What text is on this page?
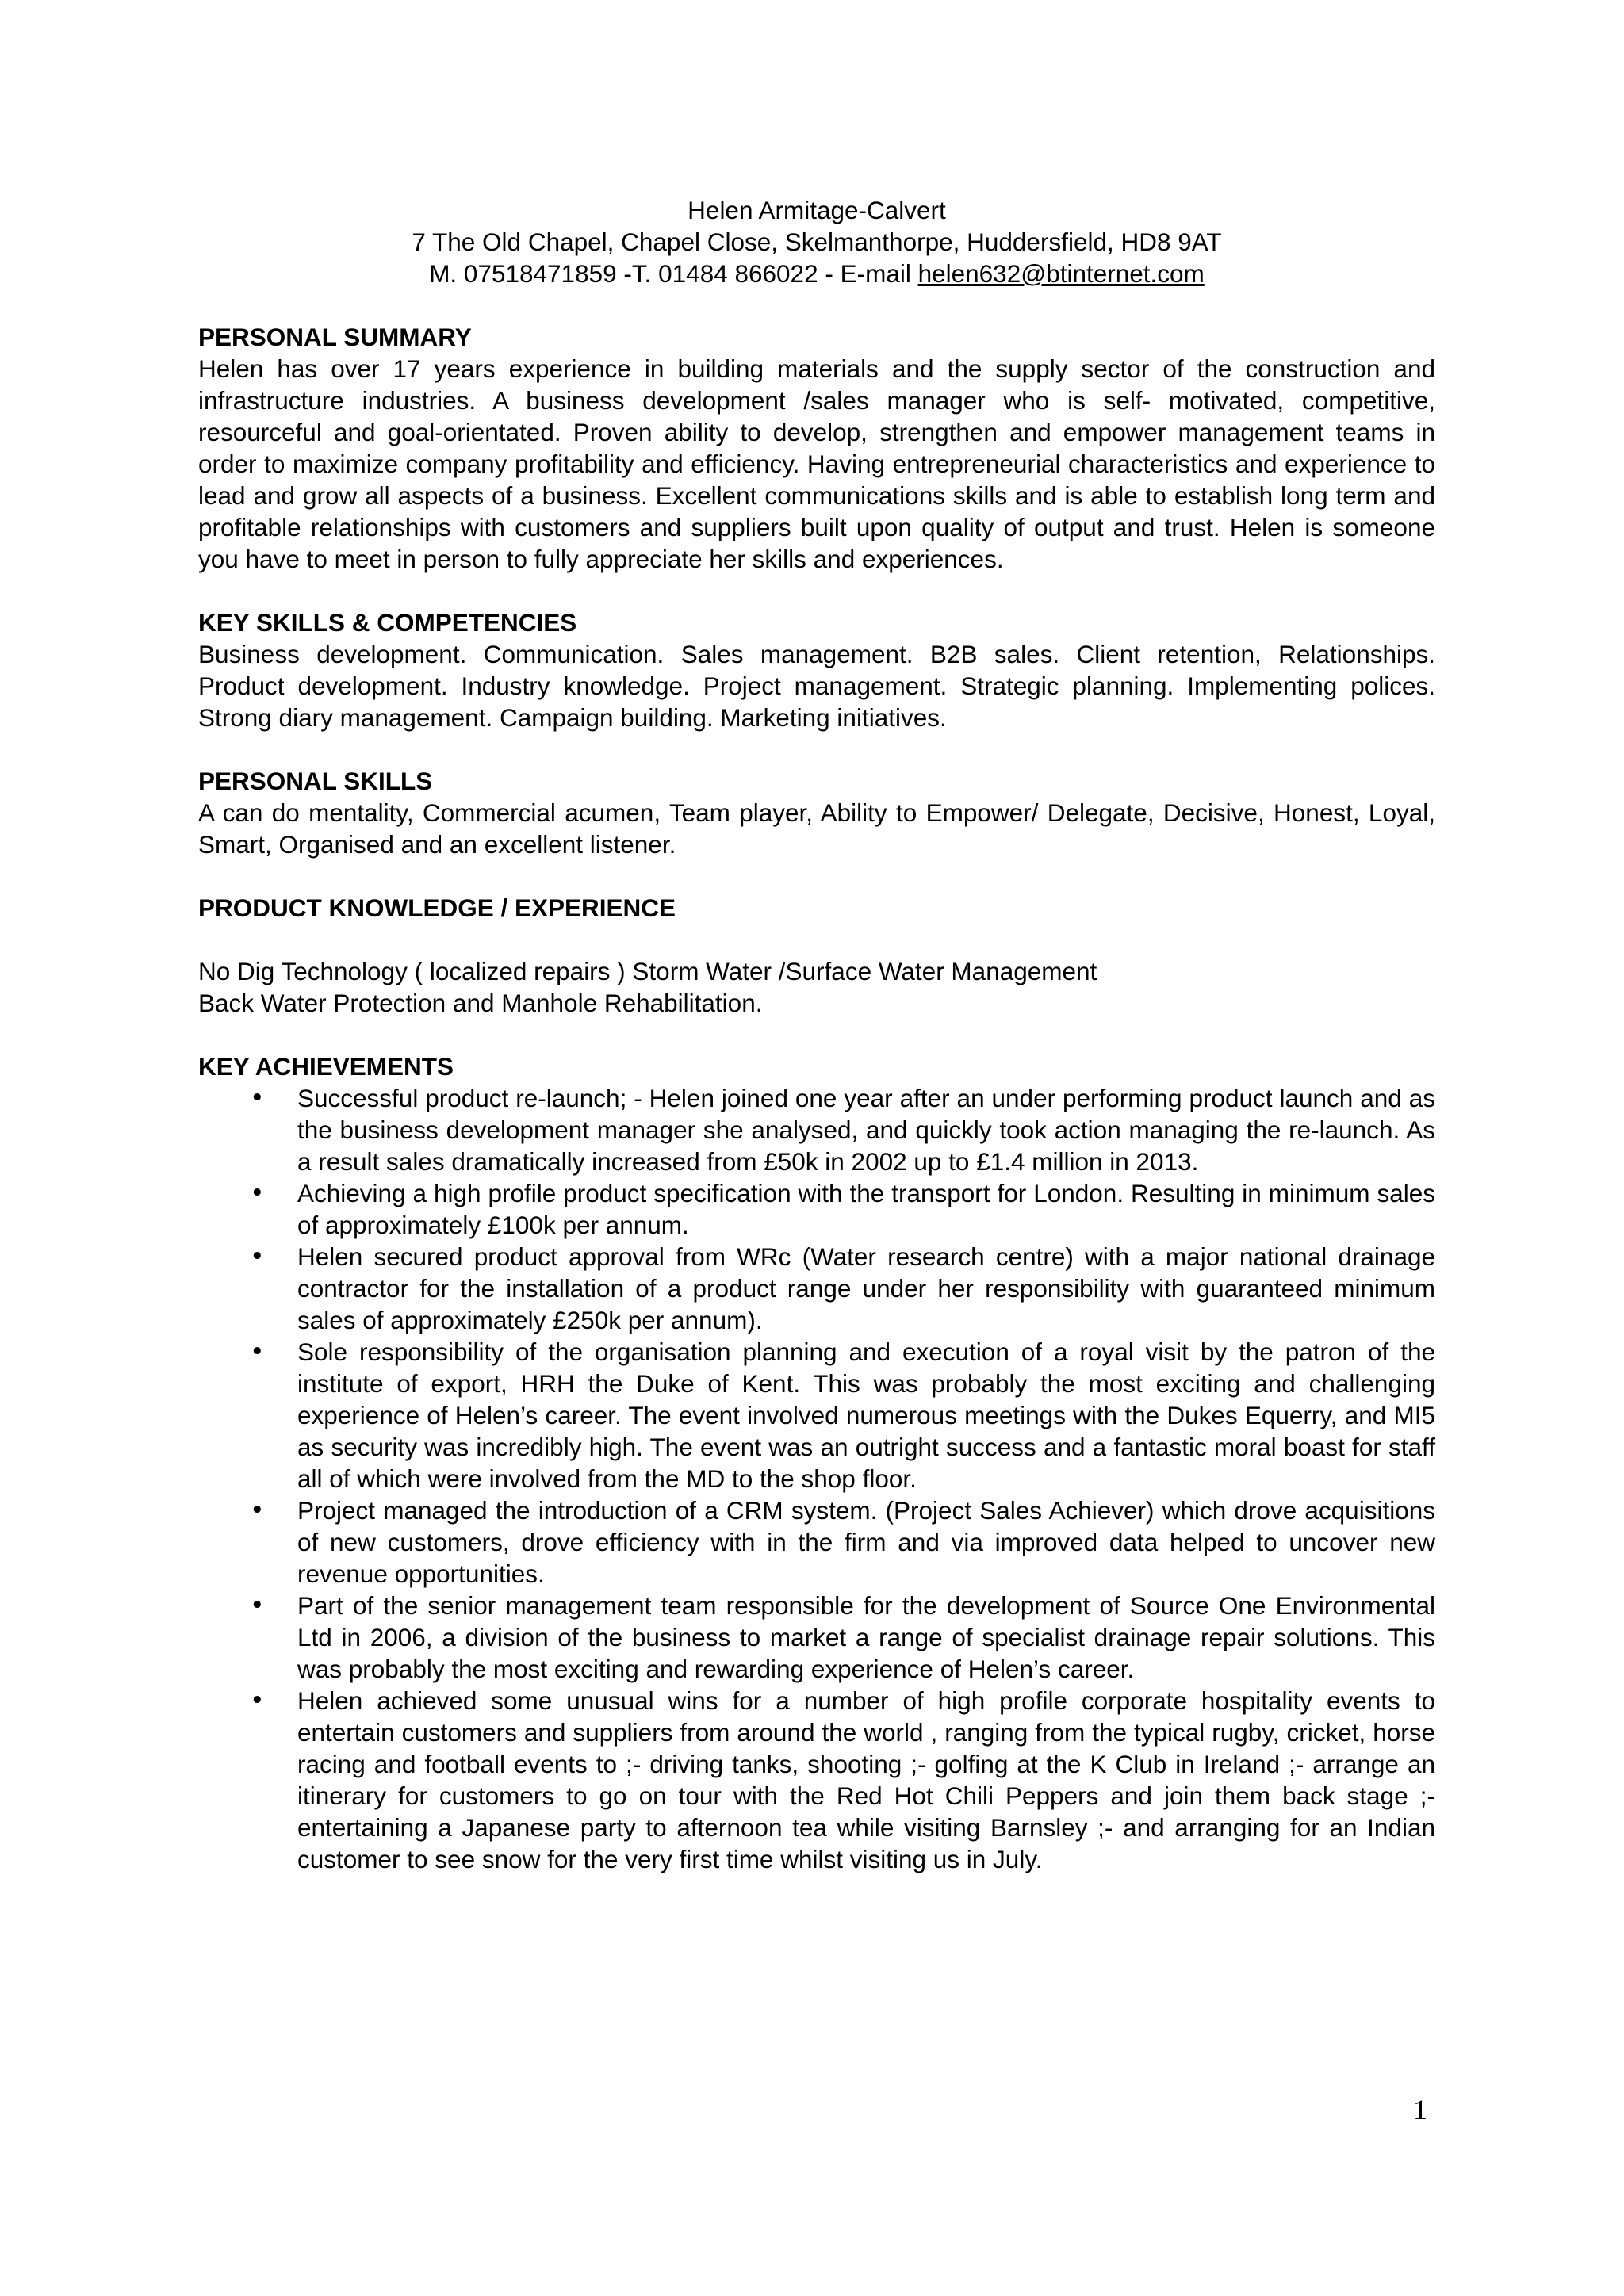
Helen Armitage-Calvert
7 The Old Chapel, Chapel Close, Skelmanthorpe, Huddersfield, HD8 9AT
M. 07518471859 -T. 01484 866022 - E-mail helen632@btinternet.com
PERSONAL SUMMARY

Helen has over 17 years experience in building materials and the supply sector of the construction and infrastructure industries. A business development /sales manager who is self- motivated, competitive, resourceful and goal-orientated. Proven ability to develop, strengthen and empower management teams in order to maximize company profitability and efficiency. Having entrepreneurial characteristics and experience to lead and grow all aspects of a business. Excellent communications skills and is able to establish long term and profitable relationships with customers and suppliers built upon quality of output and trust. Helen is someone you have to meet in person to fully appreciate her skills and experiences.

KEY SKILLS & COMPETENCIES

Business development. Communication. Sales management. B2B sales. Client retention, Relationships. Product development. Industry knowledge. Project management. Strategic planning. Implementing polices. Strong diary management. Campaign building. Marketing initiatives.

PERSONAL SKILLS

A can do mentality, Commercial acumen, Team player, Ability to Empower/ Delegate, Decisive, Honest, Loyal, Smart, Organised and an excellent listener.

PRODUCT KNOWLEDGE / EXPERIENCE

No Dig Technology ( localized repairs ) Storm Water /Surface Water Management

Back Water Protection and Manhole Rehabilitation.

KEY ACHIEVEMENTS
• Successful product re-launch; - Helen joined one year after an under performing product launch and as the business development manager she analysed, and quickly took action managing the re-launch. As a result sales dramatically increased from £50k in 2002 up to £1.4 million in 2013.
• Achieving a high profile product specification with the transport for London. Resulting in minimum sales of approximately £100k per annum.
• Helen secured product approval from WRc (Water research centre) with a major national drainage contractor for the installation of a product range under her responsibility with guaranteed minimum sales of approximately £250k per annum).
• Sole responsibility of the organisation planning and execution of a royal visit by the patron of the institute of export, HRH the Duke of Kent. This was probably the most exciting and challenging experience of Helen’s career. The event involved numerous meetings with the Dukes Equerry, and MI5 as security was incredibly high. The event was an outright success and a fantastic moral boast for staff all of which were involved from the MD to the shop floor.
• Project managed the introduction of a CRM system. (Project Sales Achiever) which drove acquisitions of new customers, drove efficiency with in the firm and via improved data helped to uncover new revenue opportunities.
• Part of the senior management team responsible for the development of Source One Environmental Ltd in 2006, a division of the business to market a range of specialist drainage repair solutions. This was probably the most exciting and rewarding experience of Helen’s career.
• Helen achieved some unusual wins for a number of high profile corporate hospitality events to entertain customers and suppliers from around the world , ranging from the typical rugby, cricket, horse racing and football events to ;- driving tanks, shooting ;- golfing at the K Club in Ireland ;- arrange an itinerary for customers to go on tour with the Red Hot Chili Peppers and join them back stage ;- entertaining a Japanese party to afternoon tea while visiting Barnsley ;- and arranging for an Indian customer to see snow for the very first time whilst visiting us in July.
1
